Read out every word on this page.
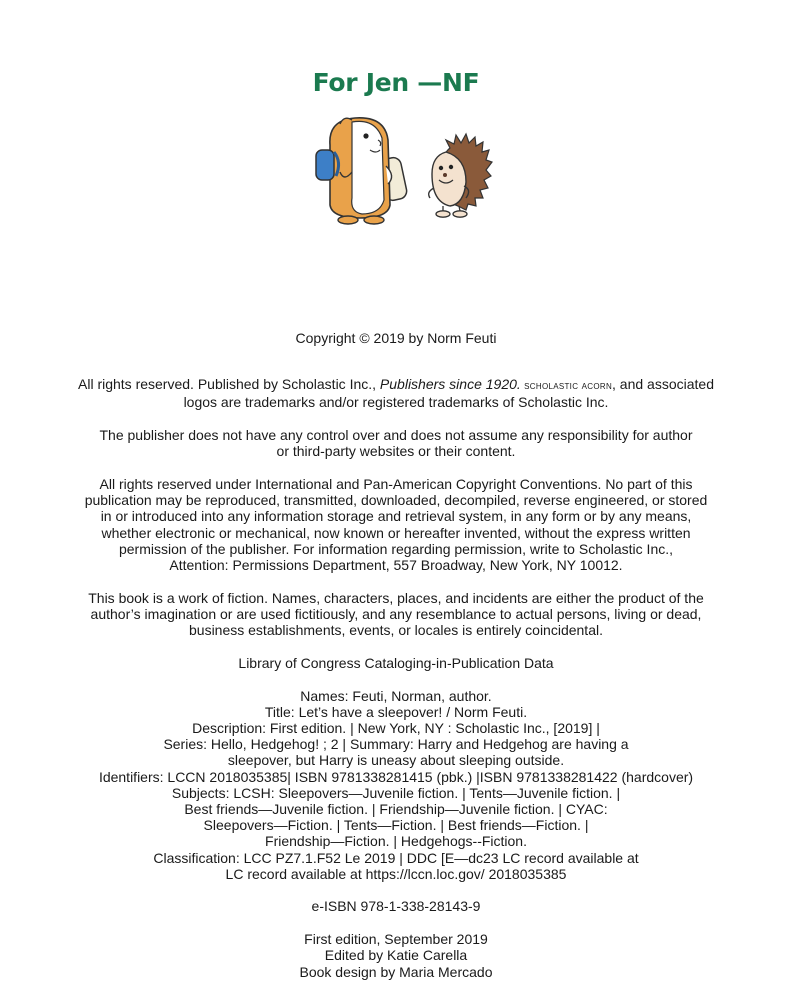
For Jen —NF

Copyright © 2019 by Norm Feuti

All rights reserved. Published by Scholastic Inc., Publishers since 1920. scholastic acorn, and associated

logos are trademarks and/or registered trademarks of Scholastic Inc.

The publisher does not have any control over and does not assume any responsibility for author

or third-party websites or their content.

All rights reserved under International and Pan-American Copyright Conventions. No part of this

publication may be reproduced, transmitted, downloaded, decompiled, reverse engineered, or stored

in or introduced into any information storage and retrieval system, in any form or by any means,

whether electronic or mechanical, now known or hereafter invented, without the express written

permission of the publisher. For information regarding permission, write to Scholastic Inc.,

Attention: Permissions Department, 557 Broadway, New York, NY 10012.

This book is a work of fiction. Names, characters, places, and incidents are either the product of the

author’s imagination or are used fictitiously, and any resemblance to actual persons, living or dead,

business establishments, events, or locales is entirely coincidental.

Library of Congress Cataloging-in-Publication Data

Names: Feuti, Norman, author.

Title: Let’s have a sleepover! / Norm Feuti.

Description: First edition. | New York, NY : Scholastic Inc., [2019] |

Series: Hello, Hedgehog! ; 2 | Summary: Harry and Hedgehog are having a

sleepover, but Harry is uneasy about sleeping outside.

Identifiers: LCCN 2018035385| ISBN 9781338281415 (pbk.) |ISBN 9781338281422 (hardcover)

Subjects: LCSH: Sleepovers—Juvenile fiction. | Tents—Juvenile fiction. |

Best friends—Juvenile fiction. | Friendship—Juvenile fiction. | CYAC:

Sleepovers—Fiction. | Tents—Fiction. | Best friends—Fiction. |

Friendship—Fiction. | Hedgehogs--Fiction.

Classification: LCC PZ7.1.F52 Le 2019 | DDC [E—dc23 LC record available at

LC record available at https://lccn.loc.gov/ 2018035385

e-ISBN 978-1-338-28143-9

First edition, September 2019

Edited by Katie Carella

Book design by Maria Mercado
